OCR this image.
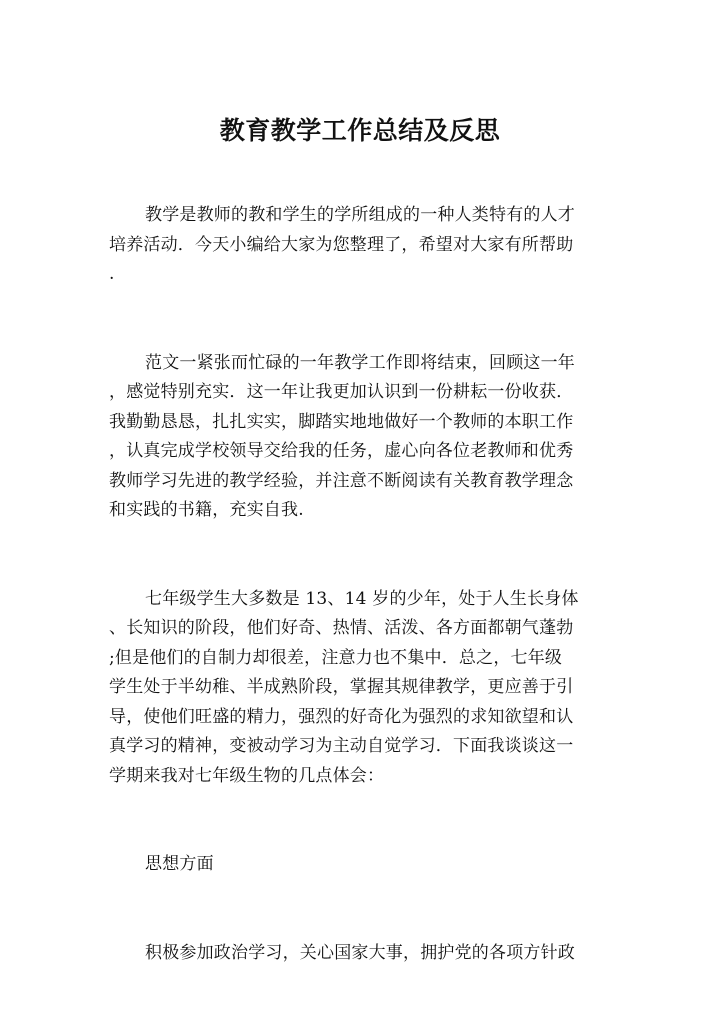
教育教学工作总结及反思
教学是教师的教和学生的学所组成的一种人类特有的人才
培养活动．今天小编给大家为您整理了，希望对大家有所帮助
.
范文一紧张而忙碌的一年教学工作即将结束，回顾这一年
，感觉特别充实．这一年让我更加认识到一份耕耘一份收获．
我勤勤恳恳，扎扎实实，脚踏实地地做好一个教师的本职工作
，认真完成学校领导交给我的任务，虚心向各位老教师和优秀
教师学习先进的教学经验，并注意不断阅读有关教育教学理念
和实践的书籍，充实自我.
七年级学生大多数是 13、14 岁的少年，处于人生长身体
、长知识的阶段，他们好奇、热情、活泼、各方面都朝气蓬勃
;但是他们的自制力却很差，注意力也不集中．总之，七年级
学生处于半幼稚、半成熟阶段，掌握其规律教学，更应善于引
导，使他们旺盛的精力，强烈的好奇化为强烈的求知欲望和认
真学习的精神，变被动学习为主动自觉学习．下面我谈谈这一
学期来我对七年级生物的几点体会：
思想方面
积极参加政治学习，关心国家大事，拥护党的各项方针政
